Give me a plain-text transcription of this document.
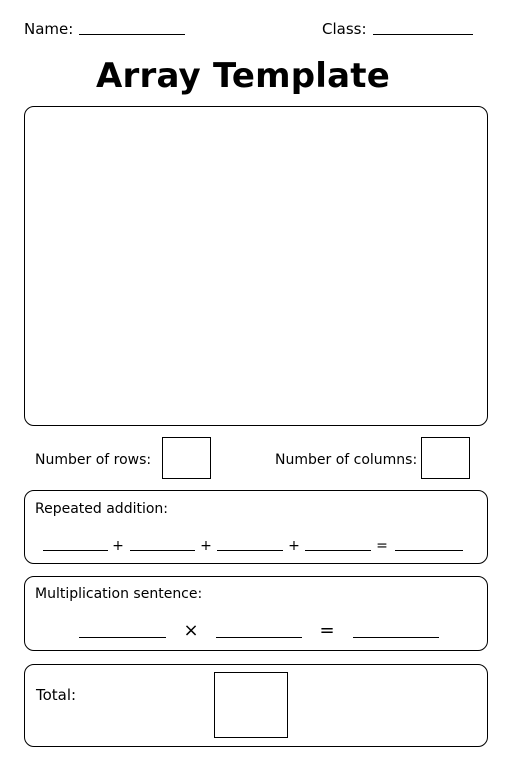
Name:	Class:
Array Template
Number of rows:	Number of columns:
Repeated addition:
+	+	+	=
Multiplication sentence:
×	=
Total:
